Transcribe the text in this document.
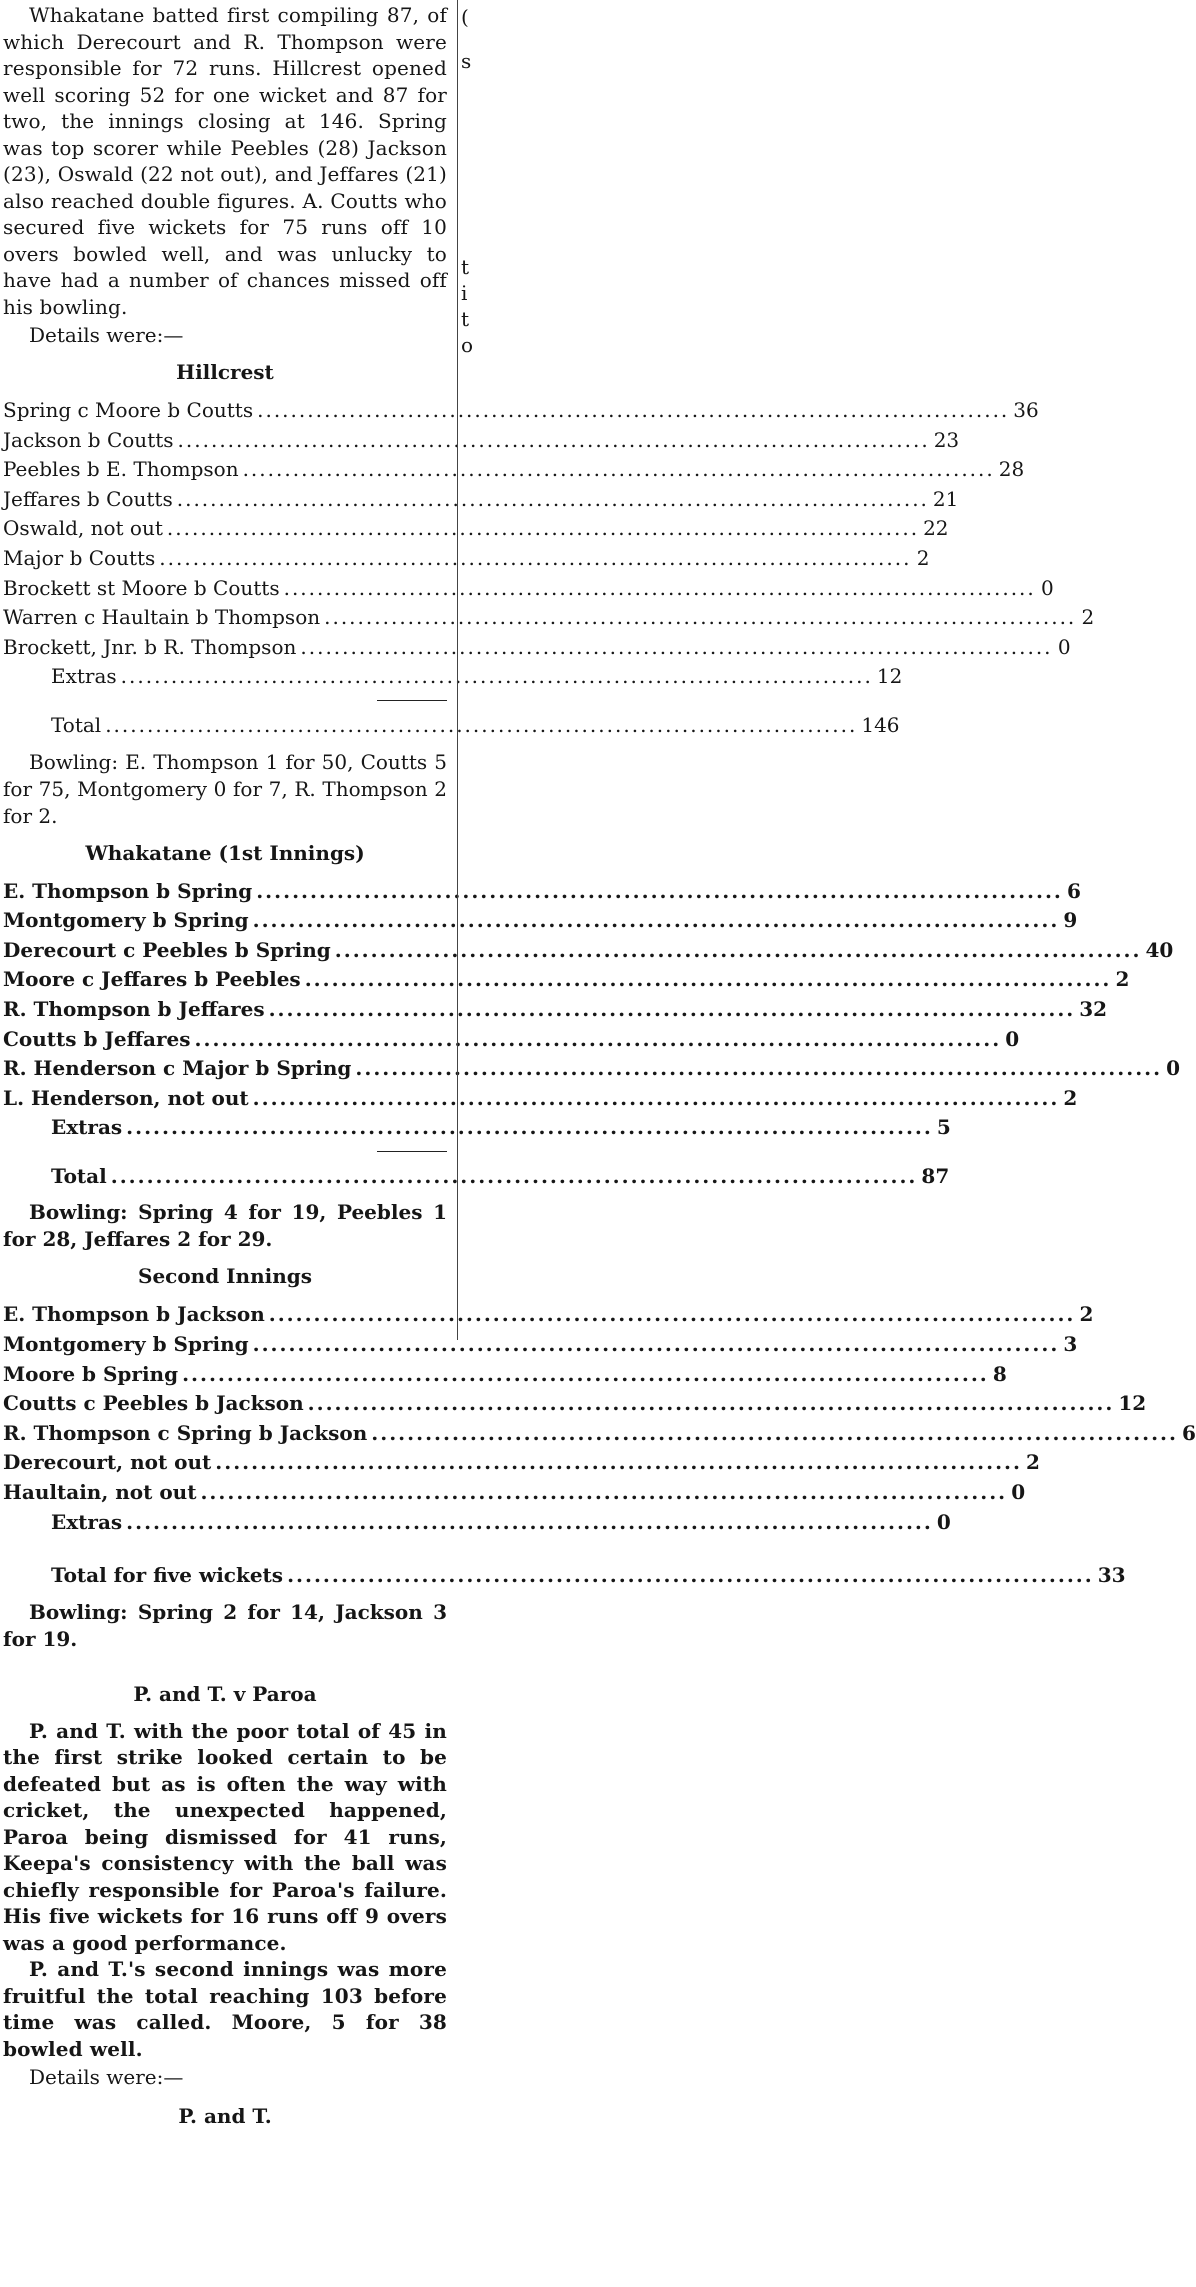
Whakatane batted first compiling 87, of which Derecourt and R. Thompson were responsible for 72 runs. Hillcrest opened well scoring 52 for one wicket and 87 for two, the innings closing at 146. Spring was top scorer while Peebles (28) Jackson (23), Oswald (22 not out), and Jeffares (21) also reached double figures. A. Coutts who secured five wickets for 75 runs off 10 overs bowled well, and was unlucky to have had a number of chances missed off his bowling.

Details were:—
Hillcrest
Spring c Moore b Coutts .....	36
Jackson b Coutts .....	23
Peebles b E. Thompson .....	28
Jeffares b Coutts .....	21
Oswald, not out .....	22
Major b Coutts .....	2
Brockett st Moore b Coutts .....	0
Warren c Haultain b Thompson .....	2
Brockett, Jnr. b R. Thompson .....	0
Extras .....	12
Total .....	146

Bowling: E. Thompson 1 for 50, Coutts 5 for 75, Montgomery 0 for 7, R. Thompson 2 for 2.

Whakatane (1st Innings)
E. Thompson b Spring .....	6
Montgomery b Spring .....	9
Derecourt c Peebles b Spring .....	40
Moore c Jeffares b Peebles .....	2
R. Thompson b Jeffares .....	32
Coutts b Jeffares .....	0
R. Henderson c Major b Spring .....	0
L. Henderson, not out .....	2
Extras .....	5
Total .....	87

Bowling: Spring 4 for 19, Peebles 1 for 28, Jeffares 2 for 29.

Second Innings
E. Thompson b Jackson .....	2
Montgomery b Spring .....	3
Moore b Spring .....	8
Coutts c Peebles b Jackson .....	12
R. Thompson c Spring b Jackson .....	6
Derecourt, not out .....	2
Haultain, not out .....	0
Extras .....	0
Total for five wickets .....	33

Bowling: Spring 2 for 14, Jackson 3 for 19.

P. and T. v Paroa

P. and T. with the poor total of 45 in the first strike looked certain to be defeated but as is often the way with cricket, the unexpected happened, Paroa being dismissed for 41 runs, Keepa's consistency with the ball was chiefly responsible for Paroa's failure. His five wickets for 16 runs off 9 overs was a good performance.

P. and T.'s second innings was more fruitful the total reaching 103 before time was called. Moore, 5 for 38 bowled well.

Details were:—
P. and T.
(
s
t
i
t
o
